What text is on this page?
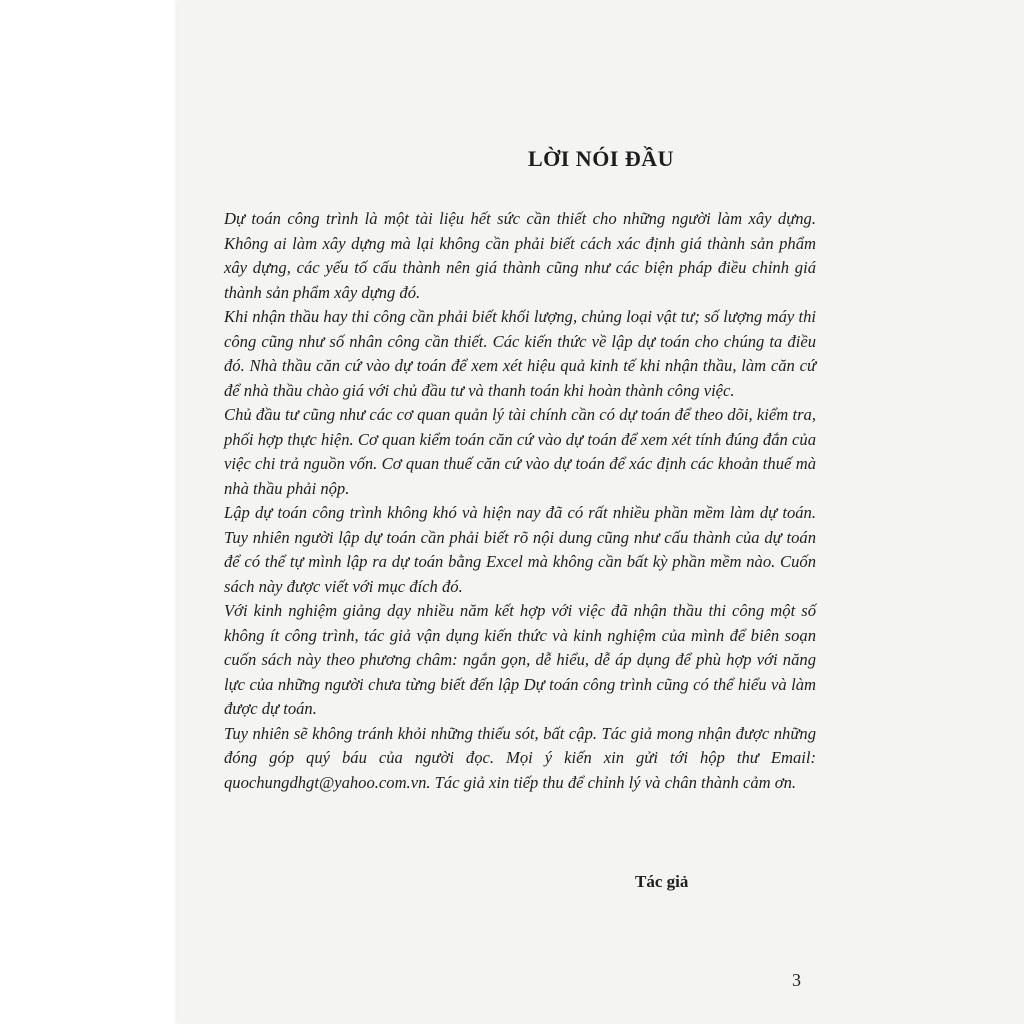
LỜI NÓI ĐẦU

Dự toán công trình là một tài liệu hết sức cần thiết cho những người làm xây dựng. Không ai làm xây dựng mà lại không cần phải biết cách xác định giá thành sản phẩm xây dựng, các yếu tố cấu thành nên giá thành cũng như các biện pháp điều chỉnh giá thành sản phẩm xây dựng đó.

Khi nhận thầu hay thi công cần phải biết khối lượng, chủng loại vật tư; số lượng máy thi công cũng như số nhân công cần thiết. Các kiến thức về lập dự toán cho chúng ta điều đó. Nhà thầu căn cứ vào dự toán để xem xét hiệu quả kinh tế khi nhận thầu, làm căn cứ để nhà thầu chào giá với chủ đầu tư và thanh toán khi hoàn thành công việc.

Chủ đầu tư cũng như các cơ quan quản lý tài chính cần có dự toán để theo dõi, kiểm tra, phối hợp thực hiện. Cơ quan kiểm toán căn cứ vào dự toán để xem xét tính đúng đắn của việc chi trả nguồn vốn. Cơ quan thuế căn cứ vào dự toán để xác định các khoản thuế mà nhà thầu phải nộp.

Lập dự toán công trình không khó và hiện nay đã có rất nhiều phần mềm làm dự toán. Tuy nhiên người lập dự toán cần phải biết rõ nội dung cũng như cấu thành của dự toán để có thể tự mình lập ra dự toán bằng Excel mà không cần bất kỳ phần mềm nào. Cuốn sách này được viết với mục đích đó.

Với kinh nghiệm giảng dạy nhiều năm kết hợp với việc đã nhận thầu thi công một số không ít công trình, tác giả vận dụng kiến thức và kinh nghiệm của mình để biên soạn cuốn sách này theo phương châm: ngắn gọn, dễ hiểu, dễ áp dụng để phù hợp với năng lực của những người chưa từng biết đến lập Dự toán công trình cũng có thể hiểu và làm được dự toán.

Tuy nhiên sẽ không tránh khỏi những thiếu sót, bất cập. Tác giả mong nhận được những đóng góp quý báu của người đọc. Mọi ý kiến xin gửi tới hộp thư Email: quochungdhgt@yahoo.com.vn. Tác giả xin tiếp thu để chỉnh lý và chân thành cảm ơn.

Tác giả
3
